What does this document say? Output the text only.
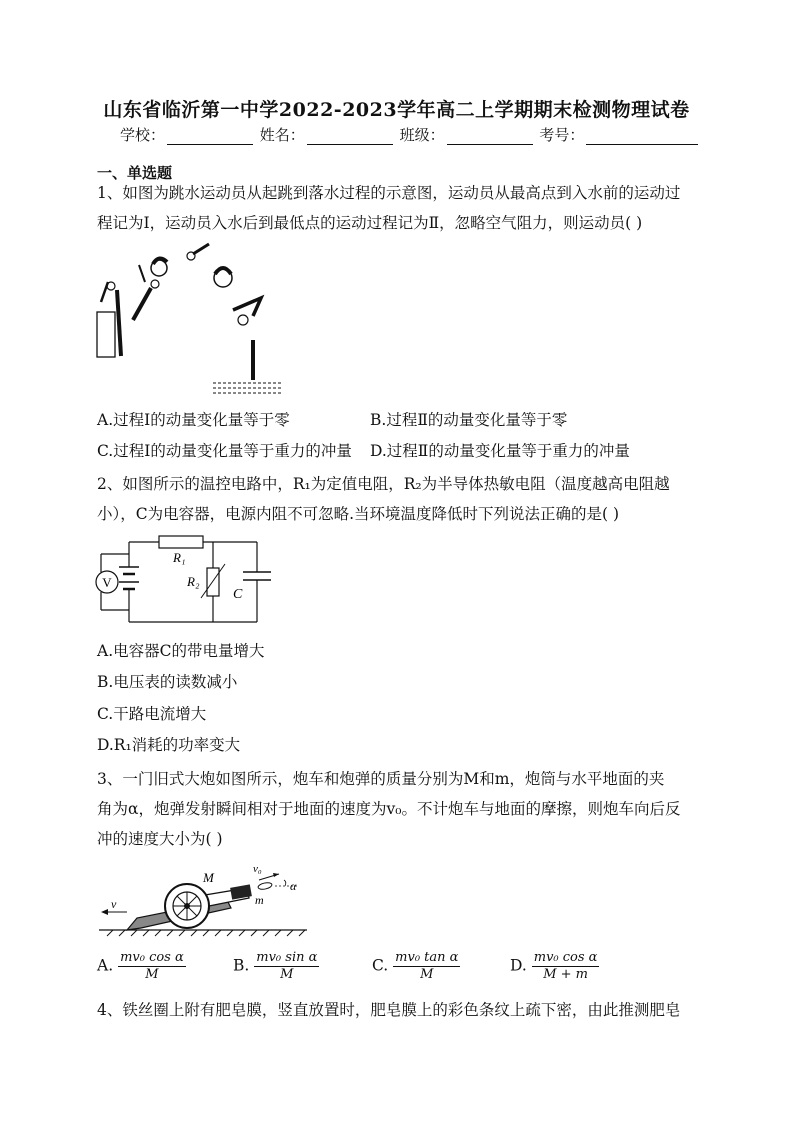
山东省临沂第一中学2022-2023学年高二上学期期末检测物理试卷
学校：	姓名：	班级：	考号：
一、单选题
1、如图为跳水运动员从起跳到落水过程的示意图，运动员从最高点到入水前的运动过
程记为Ⅰ，运动员入水后到最低点的运动过程记为Ⅱ，忽略空气阻力，则运动员( )
A.过程Ⅰ的动量变化量等于零	B.过程Ⅱ的动量变化量等于零
C.过程Ⅰ的动量变化量等于重力的冲量 D.过程Ⅱ的动量变化量等于重力的冲量
2、如图所示的温控电路中，R₁为定值电阻，R₂为半导体热敏电阻（温度越高电阻越
小），C为电容器，电源内阻不可忽略.当环境温度降低时下列说法正确的是( )
V
R₁
R₂
C
A.电容器C的带电量增大
B.电压表的读数减小
C.干路电流增大
D.R₁消耗的功率变大
3、一门旧式大炮如图所示，炮车和炮弹的质量分别为M和m，炮筒与水平地面的夹
角为α，炮弹发射瞬间相对于地面的速度为v₀。不计炮车与地面的摩擦，则炮车向后反
冲的速度大小为( )
v
M
m
v₀
α
A. $\frac{\text{mv₀ cos α}}{M}$	B. $\frac{\text{mv₀ sin α}}{M}$	C. $\frac{\text{mv₀ tan α}}{M}$	D. $\frac{\text{mv₀ cos α}}{M + m}$
4、铁丝圈上附有肥皂膜，竖直放置时，肥皂膜上的彩色条纹上疏下密，由此推测肥皂
